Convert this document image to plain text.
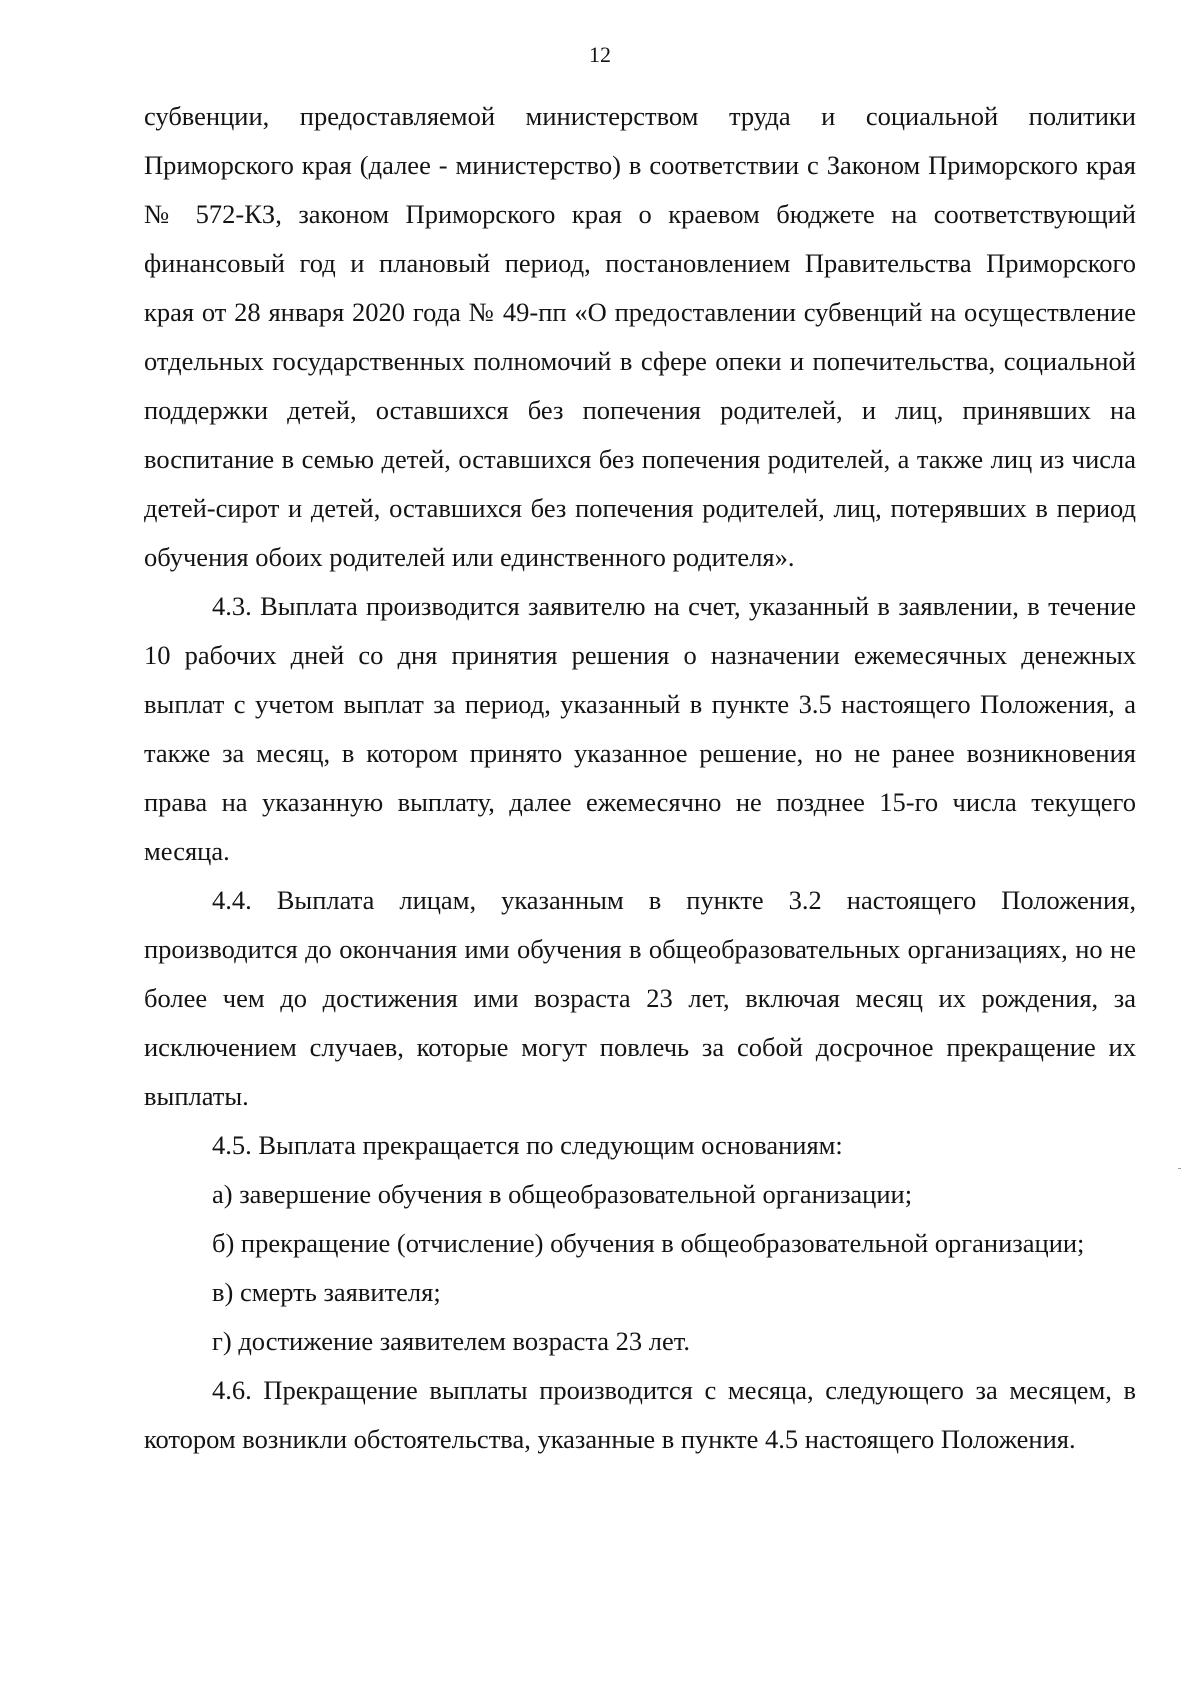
12

субвенции, предоставляемой министерством труда и социальной политики Приморского края (далее - министерство) в соответствии с Законом Приморского края № 572-КЗ, законом Приморского края о краевом бюджете на соответствующий финансовый год и плановый период, постановлением Правительства Приморского края от 28 января 2020 года № 49-пп «О предоставлении субвенций на осуществление отдельных государственных полномочий в сфере опеки и попечительства, социальной поддержки детей, оставшихся без попечения родителей, и лиц, принявших на воспитание в семью детей, оставшихся без попечения родителей, а также лиц из числа детей-сирот и детей, оставшихся без попечения родителей, лиц, потерявших в период обучения обоих родителей или единственного родителя».

4.3. Выплата производится заявителю на счет, указанный в заявлении, в течение 10 рабочих дней со дня принятия решения о назначении ежемесячных денежных выплат с учетом выплат за период, указанный в пункте 3.5 настоящего Положения, а также за месяц, в котором принято указанное решение, но не ранее возникновения права на указанную выплату, далее ежемесячно не позднее 15-го числа текущего месяца.

4.4. Выплата лицам, указанным в пункте 3.2 настоящего Положения, производится до окончания ими обучения в общеобразовательных организациях, но не более чем до достижения ими возраста 23 лет, включая месяц их рождения, за исключением случаев, которые могут повлечь за собой досрочное прекращение их выплаты.

4.5. Выплата прекращается по следующим основаниям:

а) завершение обучения в общеобразовательной организации;

б) прекращение (отчисление) обучения в общеобразовательной организации;

в) смерть заявителя;

г) достижение заявителем возраста 23 лет.

4.6. Прекращение выплаты производится с месяца, следующего за месяцем, в котором возникли обстоятельства, указанные в пункте 4.5 настоящего Положения.
